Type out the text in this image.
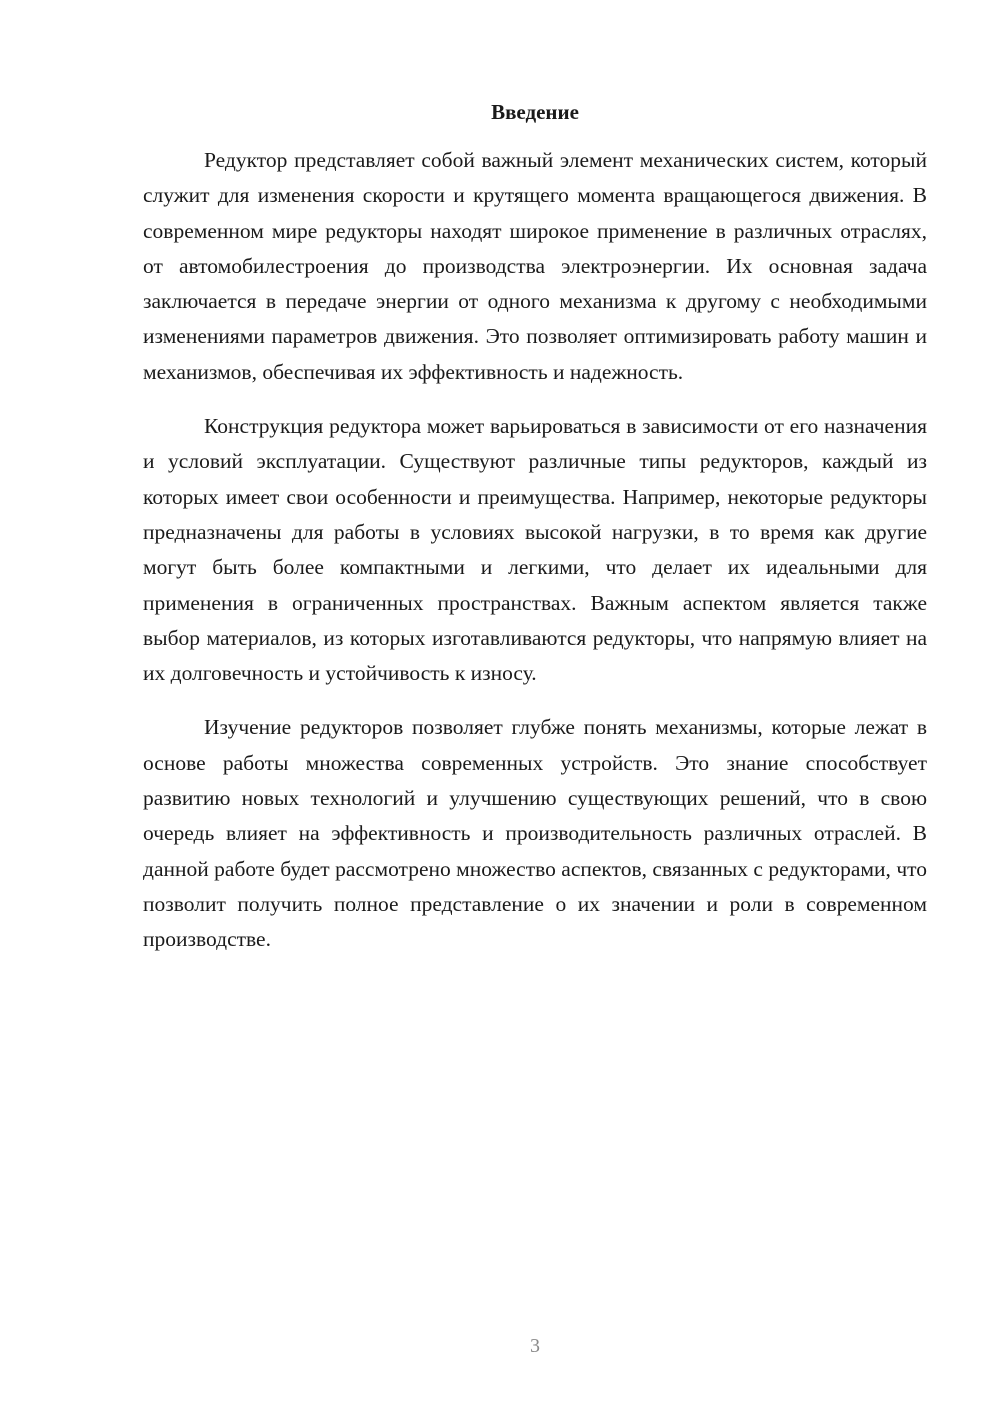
Введение

Редуктор представляет собой важный элемент механических систем, который служит для изменения скорости и крутящего момента вращающегося движения. В современном мире редукторы находят широкое применение в различных отраслях, от автомобилестроения до производства электроэнергии. Их основная задача заключается в передаче энергии от одного механизма к другому с необходимыми изменениями параметров движения. Это позволяет оптимизировать работу машин и механизмов, обеспечивая их эффективность и надежность.

Конструкция редуктора может варьироваться в зависимости от его назначения и условий эксплуатации. Существуют различные типы редукторов, каждый из которых имеет свои особенности и преимущества. Например, некоторые редукторы предназначены для работы в условиях высокой нагрузки, в то время как другие могут быть более компактными и легкими, что делает их идеальными для применения в ограниченных пространствах. Важным аспектом является также выбор материалов, из которых изготавливаются редукторы, что напрямую влияет на их долговечность и устойчивость к износу.

Изучение редукторов позволяет глубже понять механизмы, которые лежат в основе работы множества современных устройств. Это знание способствует развитию новых технологий и улучшению существующих решений, что в свою очередь влияет на эффективность и производительность различных отраслей. В данной работе будет рассмотрено множество аспектов, связанных с редукторами, что позволит получить полное представление о их значении и роли в современном производстве.

3
